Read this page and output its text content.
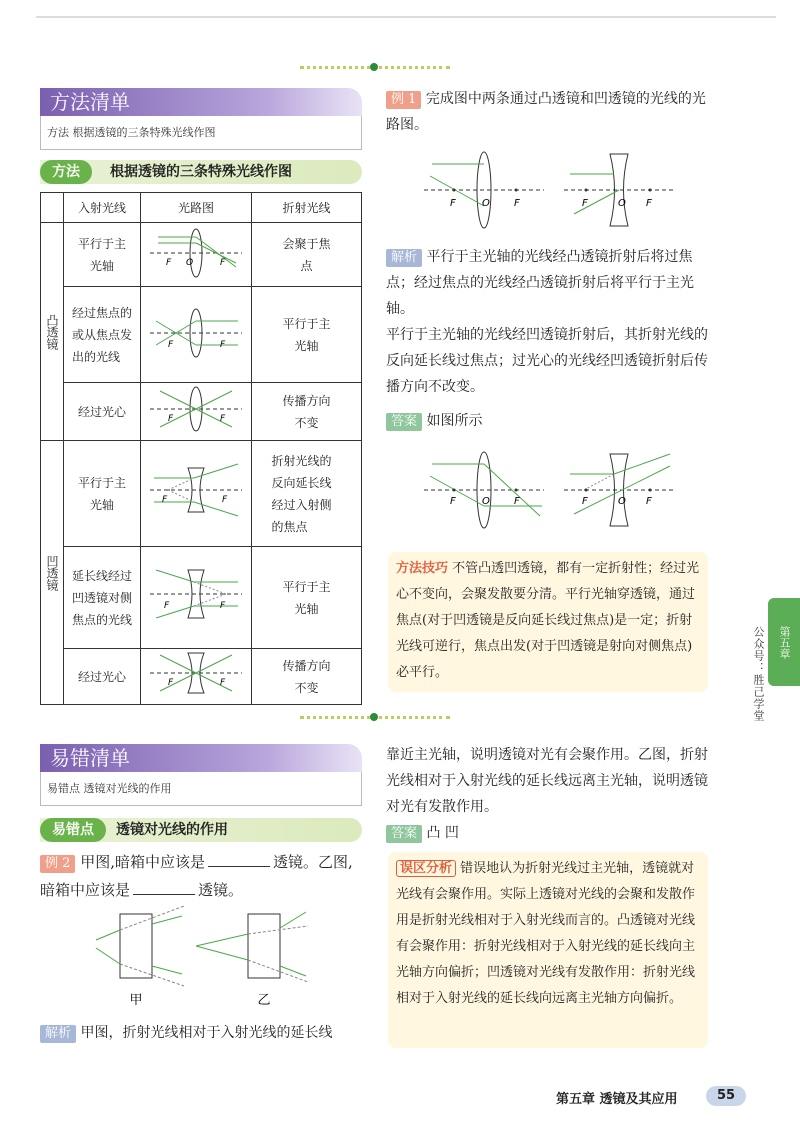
方法清单
方法 根据透镜的三条特殊光线作图
方法	根据透镜的三条特殊光线作图
	入射光线	光路图	折射光线
凸透镜	平行于主光轴	F O F	会聚于焦点

	经过焦点的或从焦点发出的光线	F F	平行于主光轴

	经过光心	F F	传播方向不变

凹透镜	平行于主光轴	F F	折射光线的反向延长线经过入射侧的焦点

	延长线经过凹透镜对侧焦点的光线	F F	平行于主光轴

	经过光心	F F	传播方向不变
例 1 完成图中两条通过凸透镜和凹透镜的光线的光路图。
F	O F	F	O F
解析 平行于主光轴的光线经凸透镜折射后将过焦点；经过焦点的光线经凸透镜折射后将平行于主光轴。
平行于主光轴的光线经凹透镜折射后，其折射光线的反向延长线过焦点；过光心的光线经凹透镜折射后传播方向不改变。
答案 如图所示
F	O F	F	O F
方法技巧 不管凸透凹透镜，都有一定折射性；经过光心不变向，会聚发散要分清。平行光轴穿透镜，通过焦点(对于凹透镜是反向延长线过焦点)是一定；折射光线可逆行，焦点出发(对于凹透镜是射向对侧焦点)必平行。
第五章
公众号：胜己学堂
易错清单
易错点 透镜对光线的作用
易错点	透镜对光线的作用
例 2 甲图,暗箱中应该是	透镜。乙图,暗箱中应该是	透镜。
甲	乙
解析 甲图，折射光线相对于入射光线的延长线
靠近主光轴，说明透镜对光有会聚作用。乙图，折射光线相对于入射光线的延长线远离主光轴，说明透镜对光有发散作用。
答案 凸 凹
误区分析 错误地认为折射光线过主光轴，透镜就对光线有会聚作用。实际上透镜对光线的会聚和发散作用是折射光线相对于入射光线而言的。凸透镜对光线有会聚作用：折射光线相对于入射光线的延长线向主光轴方向偏折；凹透镜对光线有发散作用：折射光线相对于入射光线的延长线向远离主光轴方向偏折。
第五章 透镜及其应用	55
